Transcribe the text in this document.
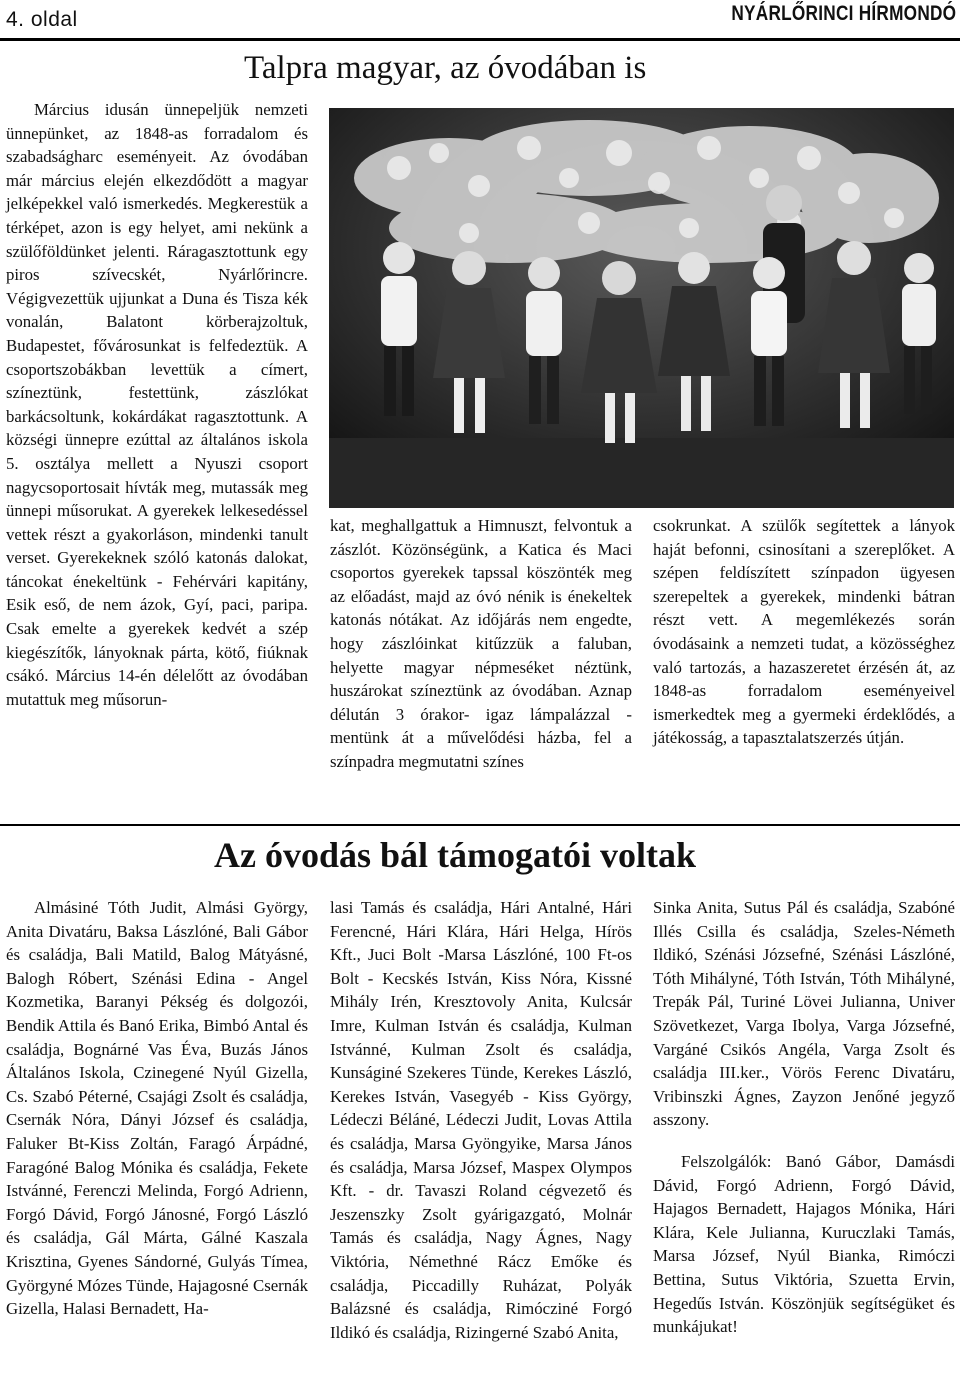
4. oldal	NYÁRLŐRINCI HÍRMONDÓ
Talpra magyar, az óvodában is

Március idusán ünnepeljük nemzeti ünnepünket, az 1848-as forradalom és szabadságharc eseményeit. Az óvodában már március elején elkezdődött a magyar jelképekkel való ismerkedés. Megkerestük a térképet, azon is egy helyet, ami nekünk a szülőföldünket jelenti. Ráragasztottunk egy piros szívecskét, Nyárlőrincre. Végigvezettük ujjunkat a Duna és Tisza kék vonalán, Balatont körberajzoltuk, Budapestet, fővárosunkat is felfedeztük. A csoportszobákban levettük a címert, színeztünk, festettünk, zászlókat barkácsoltunk, kokárdákat ragasztottunk. A községi ünnepre ezúttal az általános iskola 5. osztálya mellett a Nyuszi csoport nagycsoportosait hívták meg, mutassák meg ünnepi műsorukat. A gyerekek lelkesedéssel vettek részt a gyakorláson, mindenki tanult verset. Gyerekeknek szóló katonás dalokat, táncokat énekeltünk - Fehérvári kapitány, Esik eső, de nem ázok, Gyí, paci, paripa. Csak emelte a gyerekek kedvét a szép kiegészítők, lányoknak párta, kötő, fiúknak csákó. Március 14-én délelőtt az óvodában mutattuk meg műsorun-

kat, meghallgattuk a Himnuszt, felvontuk a zászlót. Közönségünk, a Katica és Maci csoportos gyerekek tapssal köszönték meg az előadást, majd az óvó nénik is énekeltek katonás nótákat. Az időjárás nem engedte, hogy zászlóinkat kitűzzük a faluban, helyette magyar népmeséket néztünk, huszárokat színeztünk az óvodában. Aznap délután 3 órakor- igaz lámpalázzal - mentünk át a művelődési házba, fel a színpadra megmutatni színes

csokrunkat. A szülők segítettek a lányok haját befonni, csinosítani a szereplőket. A szépen feldíszített színpadon ügyesen szerepeltek a gyerekek, mindenki bátran részt vett. A megemlékezés során óvodásaink a nemzeti tudat, a közösséghez való tartozás, a hazaszeretet érzésén át, az 1848-as forradalom eseményeivel ismerkedtek meg a gyermeki érdeklődés, a játékosság, a tapasztalatszerzés útján.

Az óvodás bál támogatói voltak

Almásiné Tóth Judit, Almási György, Anita Divatáru, Baksa Lászlóné, Bali Gábor és családja, Bali Matild, Balog Mátyásné, Balogh Róbert, Szénási Edina - Angel Kozmetika, Baranyi Pékség és dolgozói, Bendik Attila és Banó Erika, Bimbó Antal és családja, Bognárné Vas Éva, Buzás János Általános Iskola, Czinegené Nyúl Gizella, Cs. Szabó Péterné, Csajági Zsolt és családja, Csernák Nóra, Dányi József és családja, Faluker Bt-Kiss Zoltán, Faragó Árpádné, Faragóné Balog Mónika és családja, Fekete Istvánné, Ferenczi Melinda, Forgó Adrienn, Forgó Dávid, Forgó Jánosné, Forgó László és családja, Gál Márta, Gálné Kaszala Krisztina, Gyenes Sándorné, Gulyás Tímea, Györgyné Mózes Tünde, Hajagosné Csernák Gizella, Halasi Bernadett, Ha-

lasi Tamás és családja, Hári Antalné, Hári Ferencné, Hári Klára, Hári Helga, Hírös Kft., Juci Bolt -Marsa Lászlóné, 100 Ft-os Bolt - Kecskés István, Kiss Nóra, Kissné Mihály Irén, Kresztovoly Anita, Kulcsár Imre, Kulman István és családja, Kulman Istvánné, Kulman Zsolt és családja, Kunságiné Szekeres Tünde, Kerekes László, Kerekes István, Vasegyéb - Kiss György, Lédeczi Béláné, Lédeczi Judit, Lovas Attila és családja, Marsa Gyöngyike, Marsa János és családja, Marsa József, Maspex Olympos Kft. - dr. Tavaszi Roland cégvezető és Jeszenszky Zsolt gyárigazgató, Molnár Tamás és családja, Nagy Ágnes, Nagy Viktória, Némethné Rácz Emőke és családja, Piccadilly Ruházat, Polyák Balázsné és családja, Rimócziné Forgó Ildikó és családja, Rizingerné Szabó Anita,

Sinka Anita, Sutus Pál és családja, Szabóné Illés Csilla és családja, Szeles-Németh Ildikó, Szénási Józsefné, Szénási Lászlóné, Tóth Mihályné, Tóth István, Tóth Mihályné, Trepák Pál, Turiné Lövei Julianna, Univer Szövetkezet, Varga Ibolya, Varga Józsefné, Vargáné Csikós Angéla, Varga Zsolt és családja III.ker., Vörös Ferenc Divatáru, Vribinszki Ágnes, Zayzon Jenőné jegyző asszony.

Felszolgálók: Banó Gábor, Damásdi Dávid, Forgó Adrienn, Forgó Dávid, Hajagos Bernadett, Hajagos Mónika, Hári Klára, Kele Julianna, Kuruczlaki Tamás, Marsa József, Nyúl Bianka, Rimóczi Bettina, Sutus Viktória, Szuetta Ervin, Hegedűs István. Köszönjük segítségüket és munkájukat!
